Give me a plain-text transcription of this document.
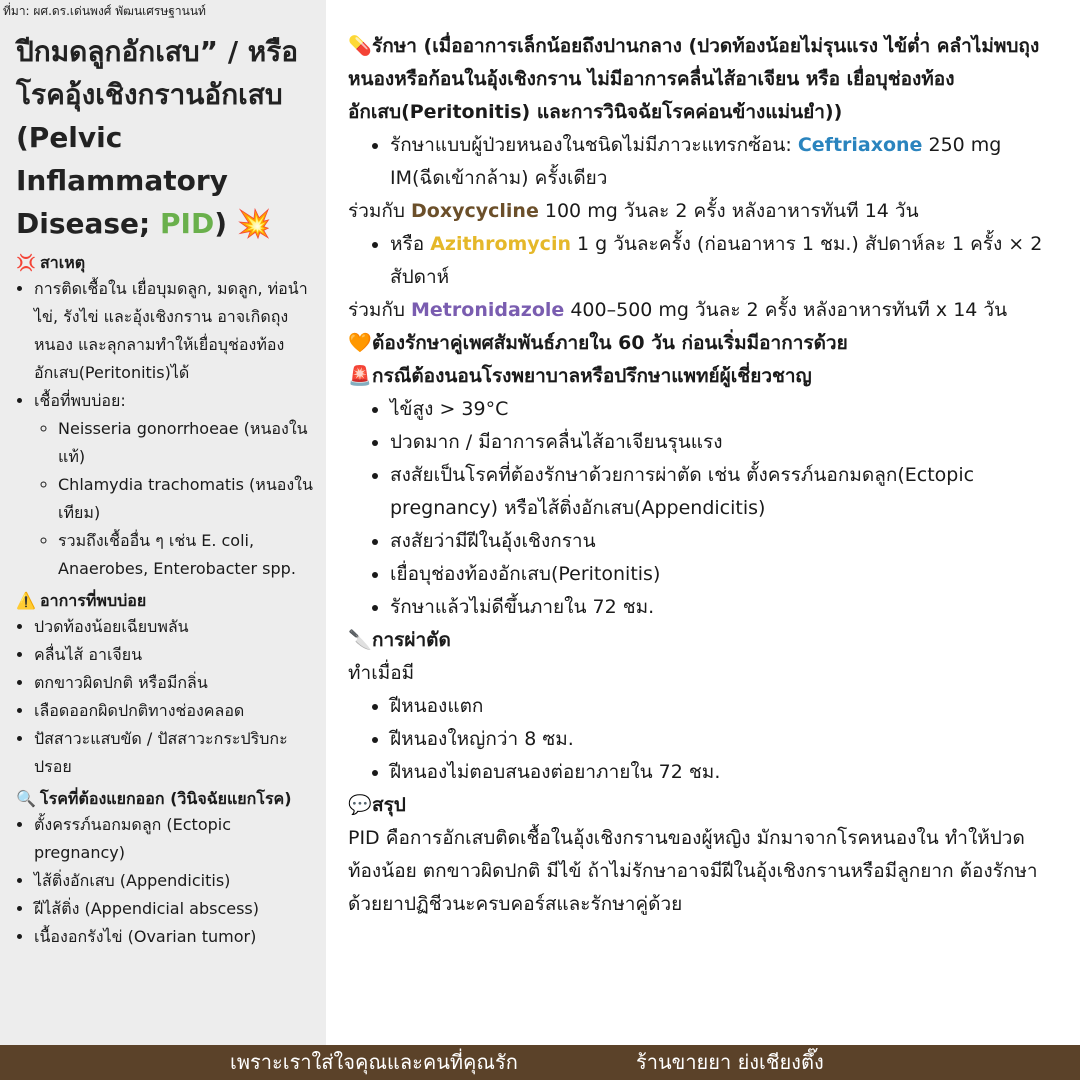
ที่มา: ผศ.ดร.เด่นพงศ์ พัฒนเศรษฐานนท์
ปีกมดลูกอักเสบ” / หรือ โรคอุ้งเชิงกรานอักเสบ (Pelvic Inflammatory Disease; PID) 💥
💢 สาเหตุ
• การติดเชื้อใน เยื่อบุมดลูก, มดลูก, ท่อนำไข่, รังไข่ และอุ้งเชิงกราน อาจเกิดถุงหนอง และลุกลามทำให้เยื่อบุช่องท้อง อักเสบ(Peritonitis)ได้
• เชื้อที่พบบ่อย:
◦ Neisseria gonorrhoeae (หนองในแท้)
◦ Chlamydia trachomatis (หนองในเทียม)
◦ รวมถึงเชื้ออื่น ๆ เช่น E. coli, Anaerobes, Enterobacter spp.
⚠️ อาการที่พบบ่อย
• ปวดท้องน้อยเฉียบพลัน
• คลื่นไส้ อาเจียน
• ตกขาวผิดปกติ หรือมีกลิ่น
• เลือดออกผิดปกติทางช่องคลอด
• ปัสสาวะแสบขัด / ปัสสาวะกระปริบกะปรอย
🔍 โรคที่ต้องแยกออก (วินิจฉัยแยกโรค)
• ตั้งครรภ์นอกมดลูก (Ectopic pregnancy)
• ไส้ติ่งอักเสบ (Appendicitis)
• ฝีไส้ติ่ง (Appendicial abscess)
• เนื้องอกรังไข่ (Ovarian tumor)
💊รักษา (เมื่ออาการเล็กน้อยถึงปานกลาง (ปวดท้องน้อยไม่รุนแรง ไข้ต่ำ คลำไม่พบถุงหนองหรือก้อนในอุ้งเชิงกราน ไม่มีอาการคลื่นไส้อาเจียน หรือ เยื่อบุช่องท้องอักเสบ(Peritonitis) และการวินิจฉัยโรคค่อนข้างแม่นยำ))
• รักษาแบบผู้ป่วยหนองในชนิดไม่มีภาวะแทรกซ้อน: Ceftriaxone 250 mg IM(ฉีดเข้ากล้าม) ครั้งเดียว
ร่วมกับ Doxycycline 100 mg วันละ 2 ครั้ง หลังอาหารทันที 14 วัน
• หรือ Azithromycin 1 g วันละครั้ง (ก่อนอาหาร 1 ชม.) สัปดาห์ละ 1 ครั้ง × 2 สัปดาห์
ร่วมกับ Metronidazole 400–500 mg วันละ 2 ครั้ง หลังอาหารทันที x 14 วัน
🧡ต้องรักษาคู่เพศสัมพันธ์ภายใน 60 วัน ก่อนเริ่มมีอาการด้วย
🚨กรณีต้องนอนโรงพยาบาลหรือปรึกษาแพทย์ผู้เชี่ยวชาญ
• ไข้สูง > 39°C
• ปวดมาก / มีอาการคลื่นไส้อาเจียนรุนแรง
• สงสัยเป็นโรคที่ต้องรักษาด้วยการผ่าตัด เช่น ตั้งครรภ์นอกมดลูก(Ectopic pregnancy) หรือไส้ติ่งอักเสบ(Appendicitis)
• สงสัยว่ามีฝีในอุ้งเชิงกราน
• เยื่อบุช่องท้องอักเสบ(Peritonitis)
• รักษาแล้วไม่ดีขึ้นภายใน 72 ชม.
🔪การผ่าตัด
ทำเมื่อมี
• ฝีหนองแตก
• ฝีหนองใหญ่กว่า 8 ซม.
• ฝีหนองไม่ตอบสนองต่อยาภายใน 72 ชม.
💬สรุป
PID คือการอักเสบติดเชื้อในอุ้งเชิงกรานของผู้หญิง มักมาจากโรคหนองใน ทำให้ปวดท้องน้อย ตกขาวผิดปกติ มีไข้ ถ้าไม่รักษาอาจมีฝีในอุ้งเชิงกรานหรือมีลูกยาก ต้องรักษาด้วยยาปฏิชีวนะครบคอร์สและรักษาคู่ด้วย
เพราะเราใส่ใจคุณและคนที่คุณรัก	ร้านขายยา ย่งเชียงตึ๊ง
